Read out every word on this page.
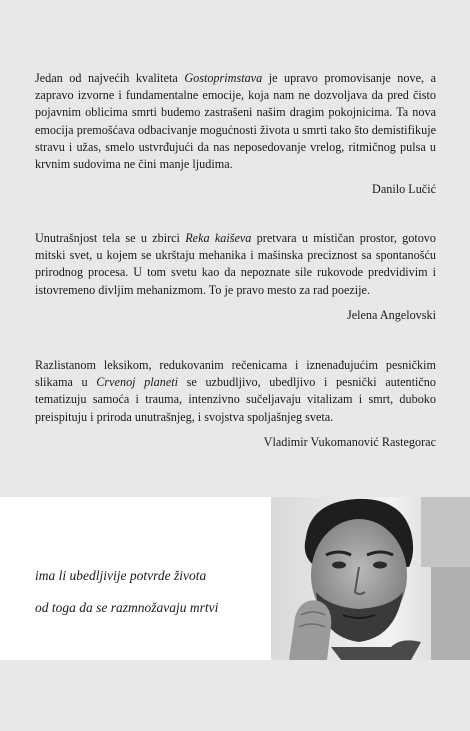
Jedan od najvećih kvaliteta Gostoprimstava je upravo promovisanje nove, a zapravo izvorne i fundamentalne emocije, koja nam ne dozvoljava da pred čisto pojavnim oblicima smrti budemo zastrašeni našim dragim pokojnicima. Ta nova emocija premošćava odbacivanje mogućnosti života u smrti tako što demistifikuje stravu i užas, smelo ustvrđujući da nas neposedovanje vrelog, ritmičnog pulsa u krvnim sudovima ne čini manje ljudima.

Danilo Lučić

Unutrašnjost tela se u zbirci Reka kaiševa pretvara u mističan prostor, gotovo mitski svet, u kojem se ukrštaju mehanika i mašinska preciznost sa spontanošću prirodnog procesa. U tom svetu kao da nepoznate sile rukovode predvidivim i istovremeno divljim mehanizmom. To je pravo mesto za rad poezije.

Jelena Angelovski

Razlistanom leksikom, redukovanim rečenicama i iznenađujućim pesničkim slikama u Crvenoj planeti se uzbudljivo, ubedljivo i pesnički autentično tematizuju samoća i trauma, intenzivno sučeljavaju vitalizam i smrt, duboko preispituju i priroda unutrašnjeg, i svojstva spoljašnjeg sveta.

Vladimir Vukomanović Rastegorac
ima li ubedljivije potvrde života
od toga da se razmnožavaju mrtvi
